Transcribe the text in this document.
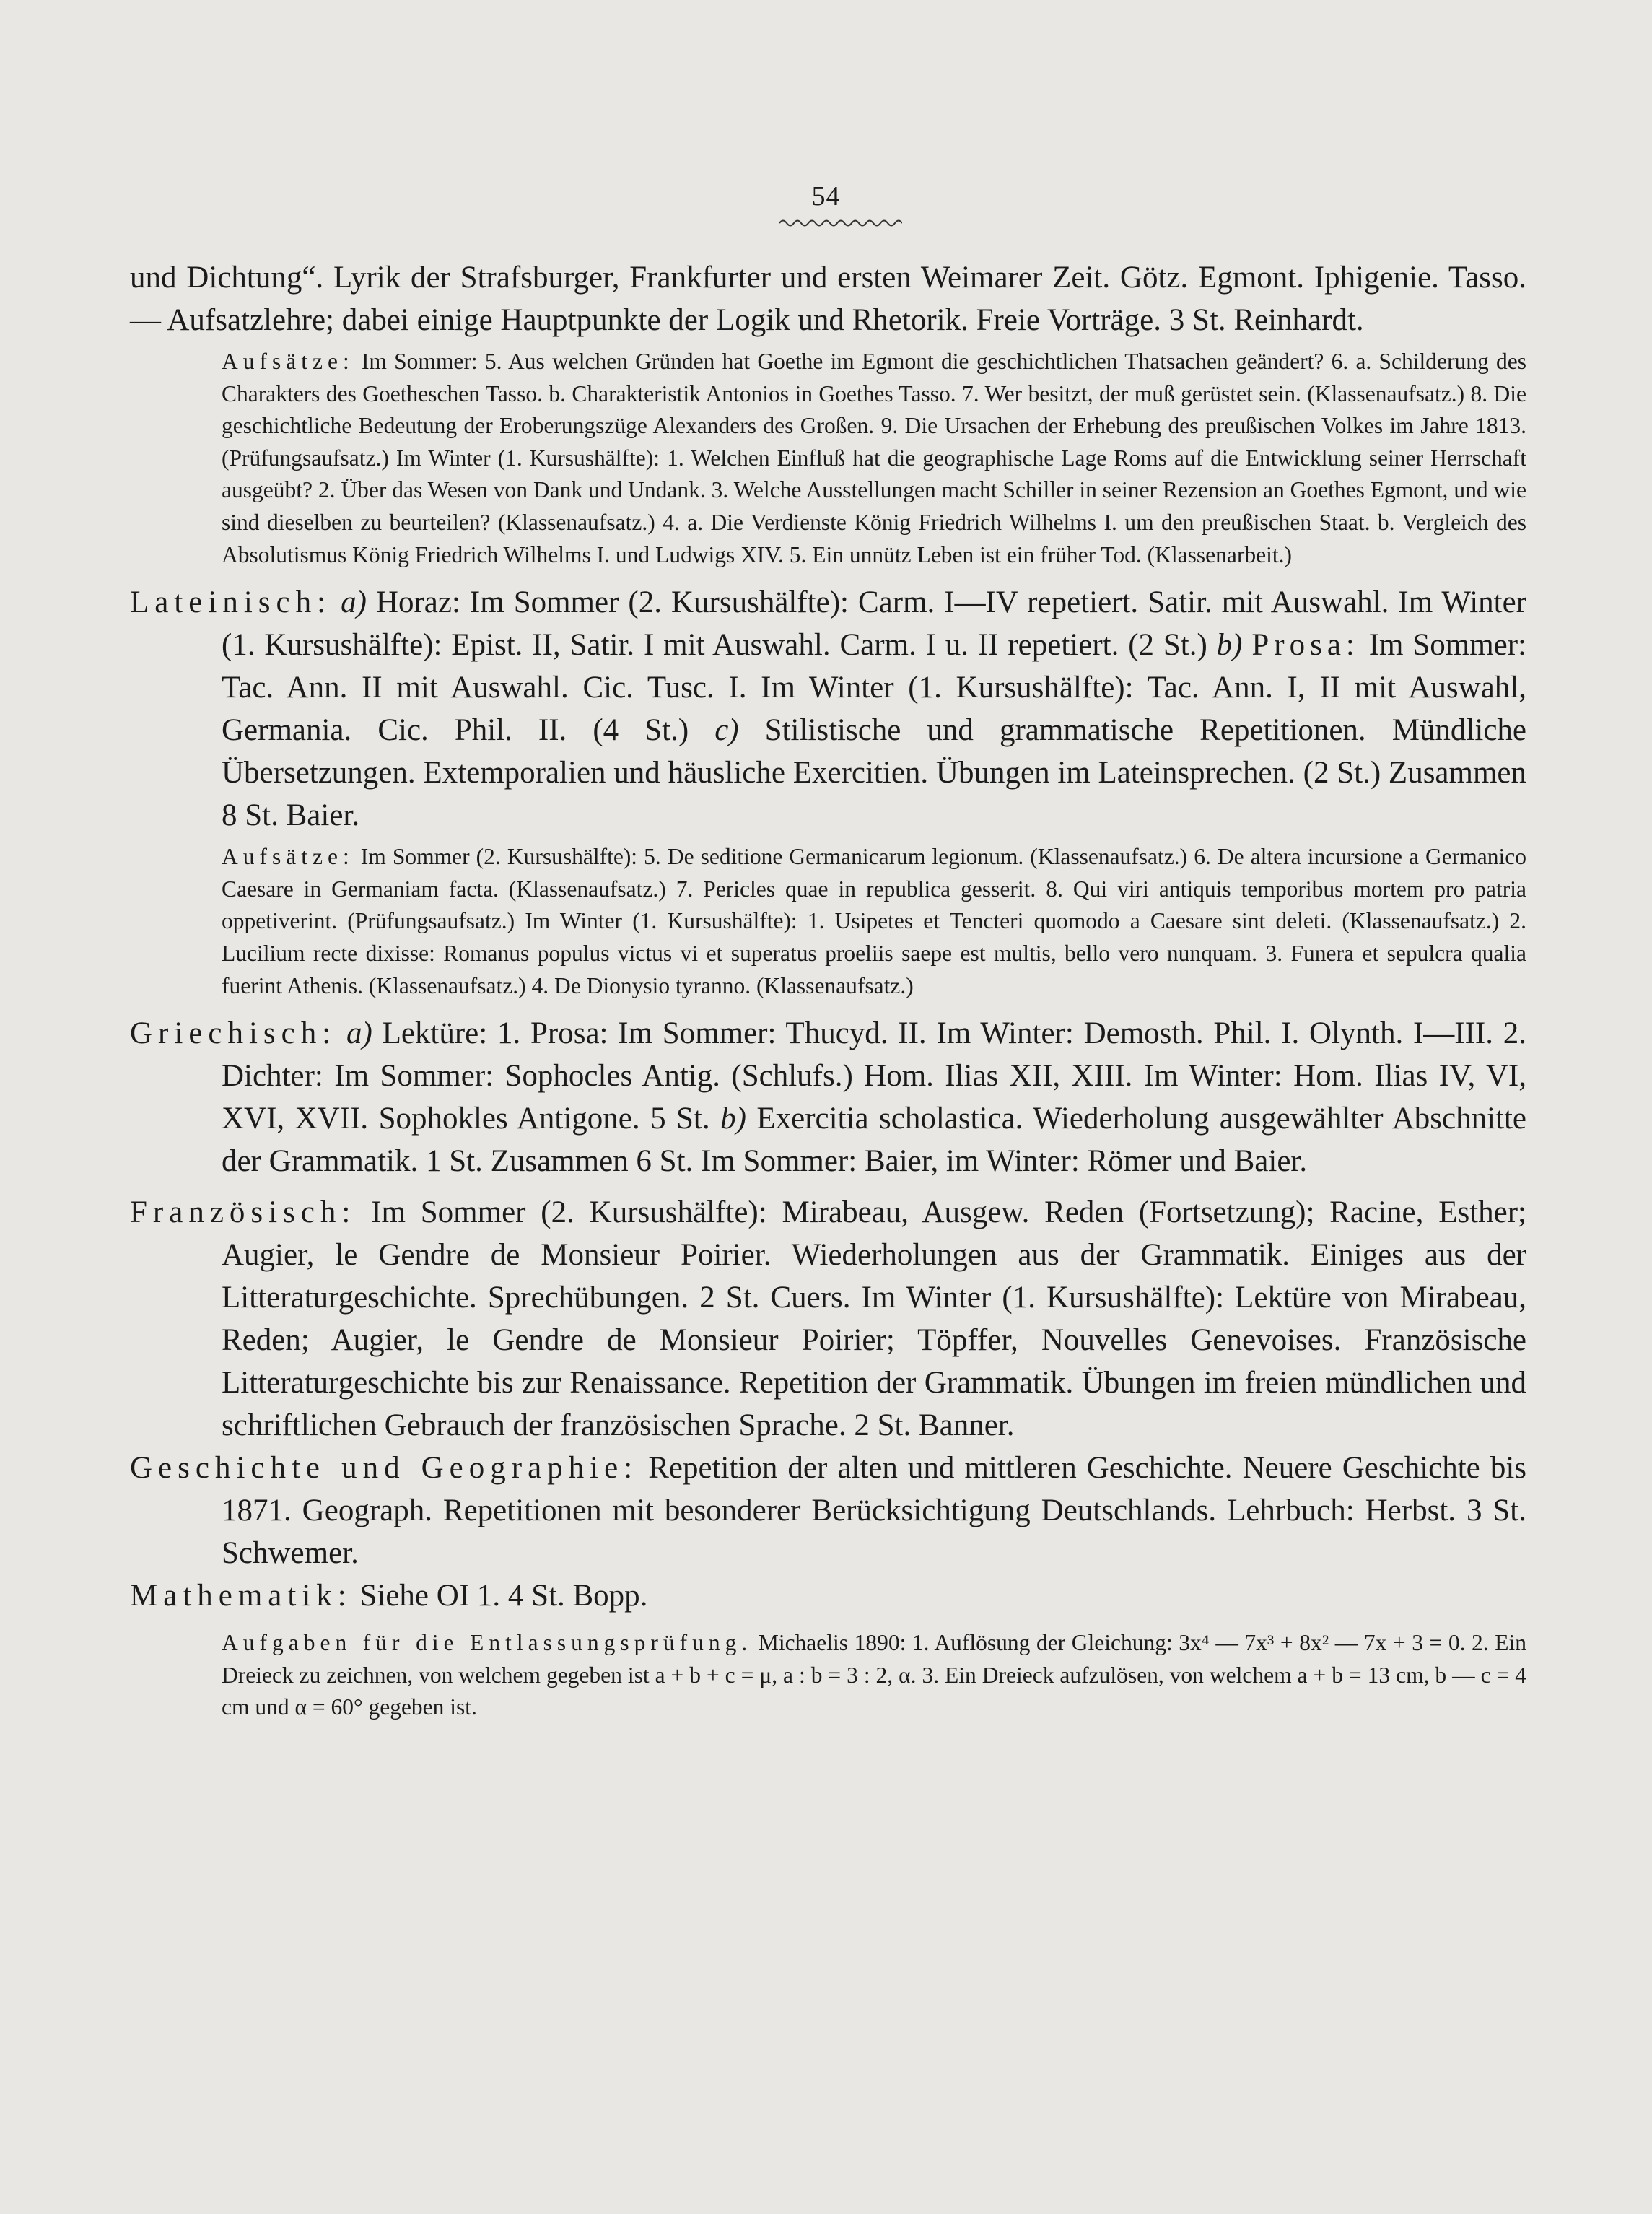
54

und Dichtung“. Lyrik der Strafsburger, Frankfurter und ersten Weimarer Zeit. Götz. Egmont. Iphigenie. Tasso. — Aufsatzlehre; dabei einige Hauptpunkte der Logik und Rhetorik. Freie Vorträge. 3 St. Reinhardt.

Aufsätze: Im Sommer: 5. Aus welchen Gründen hat Goethe im Egmont die geschichtlichen Thatsachen geändert? 6. a. Schilderung des Charakters des Goetheschen Tasso. b. Charakteristik Antonios in Goethes Tasso. 7. Wer besitzt, der muß gerüstet sein. (Klassenaufsatz.) 8. Die geschichtliche Bedeutung der Eroberungszüge Alexanders des Großen. 9. Die Ursachen der Erhebung des preußischen Volkes im Jahre 1813. (Prüfungsaufsatz.) Im Winter (1. Kursushälfte): 1. Welchen Einfluß hat die geographische Lage Roms auf die Entwicklung seiner Herrschaft ausgeübt? 2. Über das Wesen von Dank und Undank. 3. Welche Ausstellungen macht Schiller in seiner Rezension an Goethes Egmont, und wie sind dieselben zu beurteilen? (Klassenaufsatz.) 4. a. Die Verdienste König Friedrich Wilhelms I. um den preußischen Staat. b. Vergleich des Absolutismus König Friedrich Wilhelms I. und Ludwigs XIV. 5. Ein unnütz Leben ist ein früher Tod. (Klassenarbeit.)

Lateinisch: a) Horaz: Im Sommer (2. Kursushälfte): Carm. I—IV repetiert. Satir. mit Auswahl. Im Winter (1. Kursushälfte): Epist. II, Satir. I mit Auswahl. Carm. I u. II repetiert. (2 St.) b) Prosa: Im Sommer: Tac. Ann. II mit Auswahl. Cic. Tusc. I. Im Winter (1. Kursushälfte): Tac. Ann. I, II mit Auswahl, Germania. Cic. Phil. II. (4 St.) c) Stilistische und grammatische Repetitionen. Mündliche Übersetzungen. Extemporalien und häusliche Exercitien. Übungen im Lateinsprechen. (2 St.) Zusammen 8 St. Baier.

Aufsätze: Im Sommer (2. Kursushälfte): 5. De seditione Germanicarum legionum. (Klassenaufsatz.) 6. De altera incursione a Germanico Caesare in Germaniam facta. (Klassenaufsatz.) 7. Pericles quae in republica gesserit. 8. Qui viri antiquis temporibus mortem pro patria oppetiverint. (Prüfungsaufsatz.) Im Winter (1. Kursushälfte): 1. Usipetes et Tencteri quomodo a Caesare sint deleti. (Klassenaufsatz.) 2. Lucilium recte dixisse: Romanus populus victus vi et superatus proeliis saepe est multis, bello vero nunquam. 3. Funera et sepulcra qualia fuerint Athenis. (Klassenaufsatz.) 4. De Dionysio tyranno. (Klassenaufsatz.)

Griechisch: a) Lektüre: 1. Prosa: Im Sommer: Thucyd. II. Im Winter: Demosth. Phil. I. Olynth. I—III. 2. Dichter: Im Sommer: Sophocles Antig. (Schlufs.) Hom. Ilias XII, XIII. Im Winter: Hom. Ilias IV, VI, XVI, XVII. Sophokles Antigone. 5 St. b) Exercitia scholastica. Wiederholung ausgewählter Abschnitte der Grammatik. 1 St. Zusammen 6 St. Im Sommer: Baier, im Winter: Römer und Baier.

Französisch: Im Sommer (2. Kursushälfte): Mirabeau, Ausgew. Reden (Fortsetzung); Racine, Esther; Augier, le Gendre de Monsieur Poirier. Wiederholungen aus der Grammatik. Einiges aus der Litteraturgeschichte. Sprechübungen. 2 St. Cuers. Im Winter (1. Kursushälfte): Lektüre von Mirabeau, Reden; Augier, le Gendre de Monsieur Poirier; Töpffer, Nouvelles Genevoises. Französische Litteraturgeschichte bis zur Renaissance. Repetition der Grammatik. Übungen im freien mündlichen und schriftlichen Gebrauch der französischen Sprache. 2 St. Banner.

Geschichte und Geographie: Repetition der alten und mittleren Geschichte. Neuere Geschichte bis 1871. Geograph. Repetitionen mit besonderer Berücksichtigung Deutschlands. Lehrbuch: Herbst. 3 St. Schwemer.

Mathematik: Siehe OI 1. 4 St. Bopp.

Aufgaben für die Entlassungsprüfung. Michaelis 1890: 1. Auflösung der Gleichung: 3x⁴ — 7x³ + 8x² — 7x + 3 = 0. 2. Ein Dreieck zu zeichnen, von welchem gegeben ist a + b + c = μ, a : b = 3 : 2, α. 3. Ein Dreieck aufzulösen, von welchem a + b = 13 cm, b — c = 4 cm und α = 60° gegeben ist.
